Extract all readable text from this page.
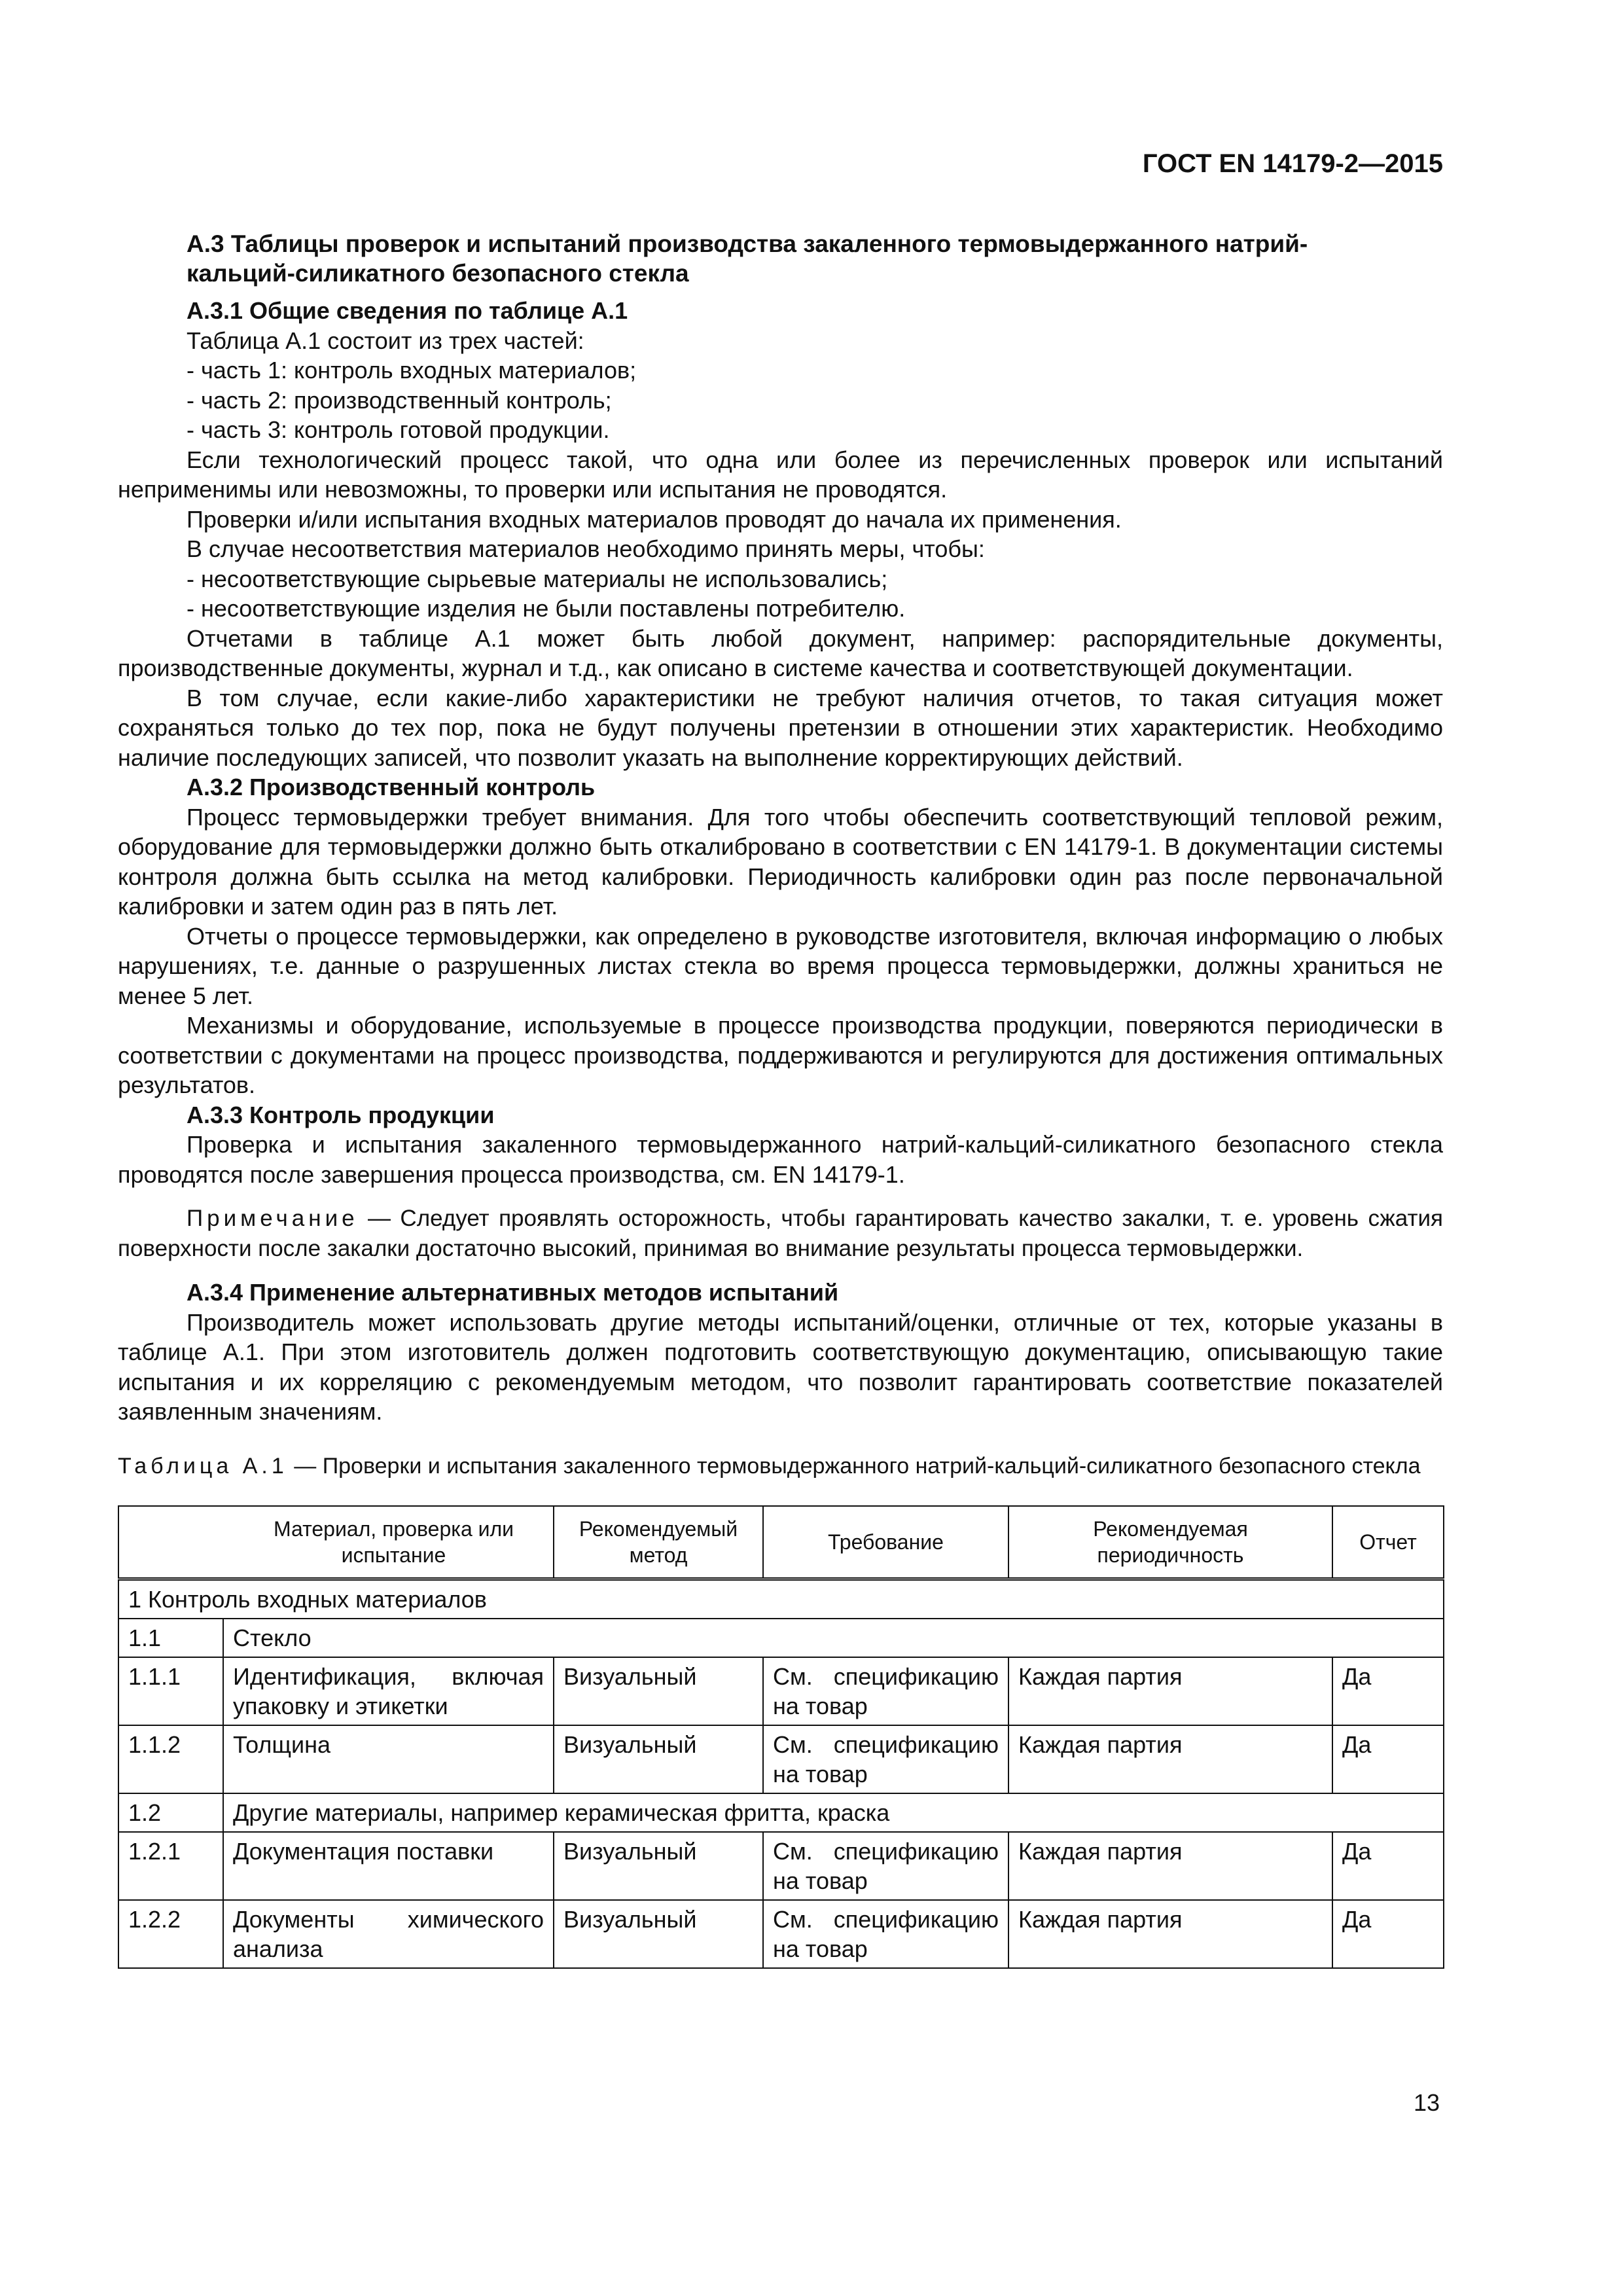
ГОСТ EN 14179-2—2015

A.3 Таблицы проверок и испытаний производства закаленного термовыдержанного натрий-
кальций-силикатного безопасного стекла

A.3.1 Общие сведения по таблице A.1

Таблица A.1 состоит из трех частей:

- часть 1: контроль входных материалов;

- часть 2: производственный контроль;

- часть 3: контроль готовой продукции.

Если технологический процесс такой, что одна или более из перечисленных проверок или испытаний неприменимы или невозможны, то проверки или испытания не проводятся.

Проверки и/или испытания входных материалов проводят до начала их применения.

В случае несоответствия материалов необходимо принять меры, чтобы:

- несоответствующие сырьевые материалы не использовались;

- несоответствующие изделия не были поставлены потребителю.

Отчетами в таблице A.1 может быть любой документ, например: распорядительные документы, производственные документы, журнал и т.д., как описано в системе качества и соответствующей документации.

В том случае, если какие-либо характеристики не требуют наличия отчетов, то такая ситуация может сохраняться только до тех пор, пока не будут получены претензии в отношении этих характеристик. Необходимо наличие последующих записей, что позволит указать на выполнение корректирующих действий.

A.3.2 Производственный контроль

Процесс термовыдержки требует внимания. Для того чтобы обеспечить соответствующий тепловой режим, оборудование для термовыдержки должно быть откалибровано в соответствии с EN 14179-1. В документации системы контроля должна быть ссылка на метод калибровки. Периодичность калибровки один раз после первоначальной калибровки и затем один раз в пять лет.

Отчеты о процессе термовыдержки, как определено в руководстве изготовителя, включая информацию о любых нарушениях, т.е. данные о разрушенных листах стекла во время процесса термовыдержки, должны храниться не менее 5 лет.

Механизмы и оборудование, используемые в процессе производства продукции, поверяются периодически в соответствии с документами на процесс производства, поддерживаются и регулируются для достижения оптимальных результатов.

A.3.3 Контроль продукции

Проверка и испытания закаленного термовыдержанного натрий-кальций-силикатного безопасного стекла проводятся после завершения процесса производства, см. EN 14179-1.

Примечание — Следует проявлять осторожность, чтобы гарантировать качество закалки, т. е. уровень сжатия поверхности после закалки достаточно высокий, принимая во внимание результаты процесса термовыдержки.

A.3.4 Применение альтернативных методов испытаний

Производитель может использовать другие методы испытаний/оценки, отличные от тех, которые указаны в таблице A.1. При этом изготовитель должен подготовить соответствующую документацию, описывающую такие испытания и их корреляцию с рекомендуемым методом, что позволит гарантировать соответствие показателей заявленным значениям.

Таблица A.1 — Проверки и испытания закаленного термовыдержанного натрий-кальций-силикатного безопасного стекла

Материал, проверка или испытание		Рекомендуемый метод	Требование	Рекомендуемая периодичность	Отчет
1 Контроль входных материалов					
1.1	Стекло				
1.1.1	Идентификация, включая упаковку и этикетки	Визуальный	См. спецификацию на товар	Каждая партия	Да
1.1.2	Толщина	Визуальный	См. спецификацию на товар	Каждая партия	Да
1.2	Другие материалы, например керамическая фритта, краска				
1.2.1	Документация поставки	Визуальный	См. спецификацию на товар	Каждая партия	Да
1.2.2	Документы химического анализа	Визуальный	См. спецификацию на товар	Каждая партия	Да
13
